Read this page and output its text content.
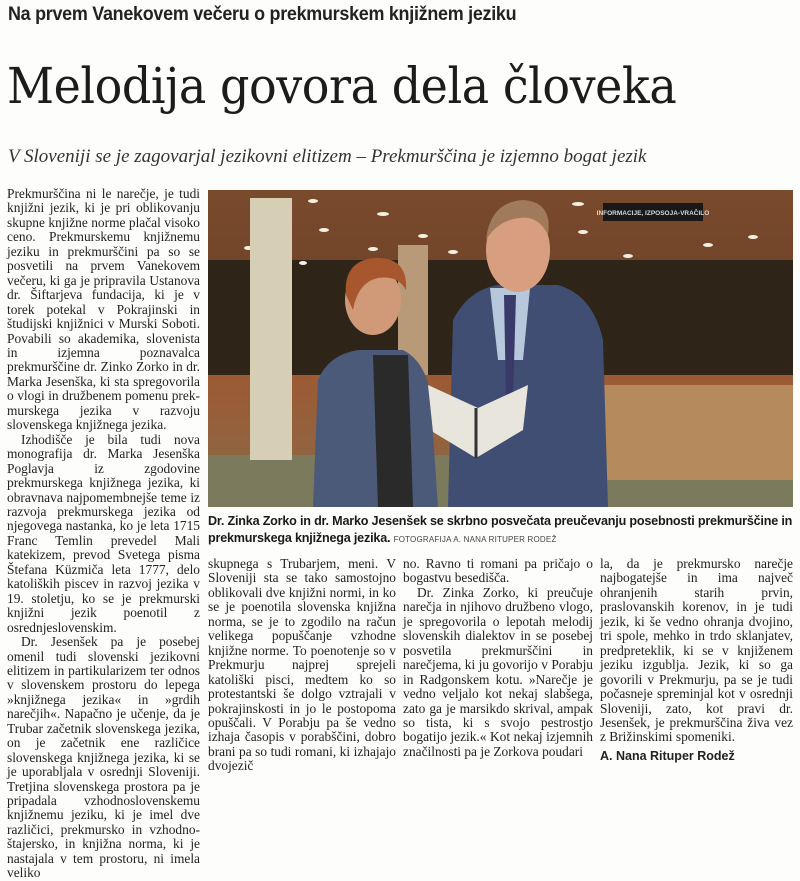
Na prvem Vanekovem večeru o prekmurskem knjižnem jeziku
Melodija govora dela človeka
V Sloveniji se je zagovarjal jezikovni elitizem – Prekmurščina je izjemno bogat jezik

Prekmurščina ni le narečje, je tudi knjižni jezik, ki je pri oblikovanju skupne knjižne norme plačal visoko ceno. Prekmurskemu knjižnemu jeziku in prekmurščini pa so se posvetili na prvem Vanekovem večeru, ki ga je pripravila Ustanova dr. Šiftarjeva fundacija, ki je v torek potekal v Pokrajinski in študijski knjižnici v Murski Soboti. Povabili so akademika, slovenista in izjemna poznavalca prekmurščine dr. Zinko Zorko in dr. Marka Jesenška, ki sta spregovorila o vlogi in družbenem pomenu prekmurskega jezika v razvoju slovenskega knjižnega jezika.

Izhodišče je bila tudi nova monografija dr. Marka Jesenška Poglavja iz zgodovine prekmurskega knjižnega jezika, ki obravnava najpomembnejše teme iz razvoja prekmurskega jezika od njegovega nastanka, ko je leta 1715 Franc Temlin prevedel Mali katekizem, prevod Svetega pisma Štefana Küzmiča leta 1777, delo katoliških piscev in razvoj jezika v 19. stoletju, ko se je prekmurski knjižni jezik poenotil z osrednjeslovenskim.

Dr. Jesenšek pa je posebej omenil tudi slovenski jezikovni elitizem in partikularizem ter odnos v slovenskem prostoru do lepega »knjižnega jezika« in »grdih narečjih«. Napačno je učenje, da je Trubar začetnik slovenskega jezika, on je začetnik ene različice slovenskega knjižnega jezika, ki se je uporabljala v osrednji Sloveniji. Tretjina slovenskega prostora pa je pripadala vzhodnoslovenskemu knjižnemu jeziku, ki je imel dve različici, prekmursko in vzhodnoštajersko, in knjižna norma, ki je nastajala v tem prostoru, ni imela veliko

INFORMACIJE, IZPOSOJA-VRAČILO
Dr. Zinka Zorko in dr. Marko Jesenšek se skrbno posvečata preučevanju posebnosti prekmurščine in prekmurskega knjižnega jezika. FOTOGRAFIJA A. NANA RITUPER RODEŽ

skupnega s Trubarjem, meni. V Sloveniji sta se tako samostojno oblikovali dve knjižni normi, in ko se je poenotila slovenska knjižna norma, se je to zgodilo na račun velikega popuščanje vzhodne knjižne norme. To poenotenje so v Prekmurju najprej sprejeli katoliški pisci, medtem ko so protestantski še dolgo vztrajali v pokrajinskosti in jo le postopoma opuščali. V Porabju pa še vedno izhaja časopis v porabščini, dobro brani pa so tudi romani, ki izhajajo dvojezič

no. Ravno ti romani pa pričajo o bogastvu besedišča.

Dr. Zinka Zorko, ki preučuje narečja in njihovo družbeno vlogo, je spregovorila o lepotah melodij slovenskih dialektov in se posebej posvetila prekmurščini in narečjema, ki ju govorijo v Porabju in Radgonskem kotu. »Narečje je vedno veljalo kot nekaj slabšega, zato ga je marsikdo skrival, ampak so tista, ki s svojo pestrostjo bogatijo jezik.« Kot nekaj izjemnih značilnosti pa je Zorkova poudari

la, da je prekmursko narečje najbogatejše in ima največ ohranjenih starih prvin, praslovanskih korenov, in je tudi jezik, ki še vedno ohranja dvojino, tri spole, mehko in trdo sklanjatev, predpreteklik, ki se v knjiženem jeziku izgublja. Jezik, ki so ga govorili v Prekmurju, pa se je tudi počasneje spreminjal kot v osrednji Sloveniji, zato, kot pravi dr. Jesenšek, je prekmurščina živa vez z Brižinskimi spomeniki.

A. Nana Rituper Rodež
